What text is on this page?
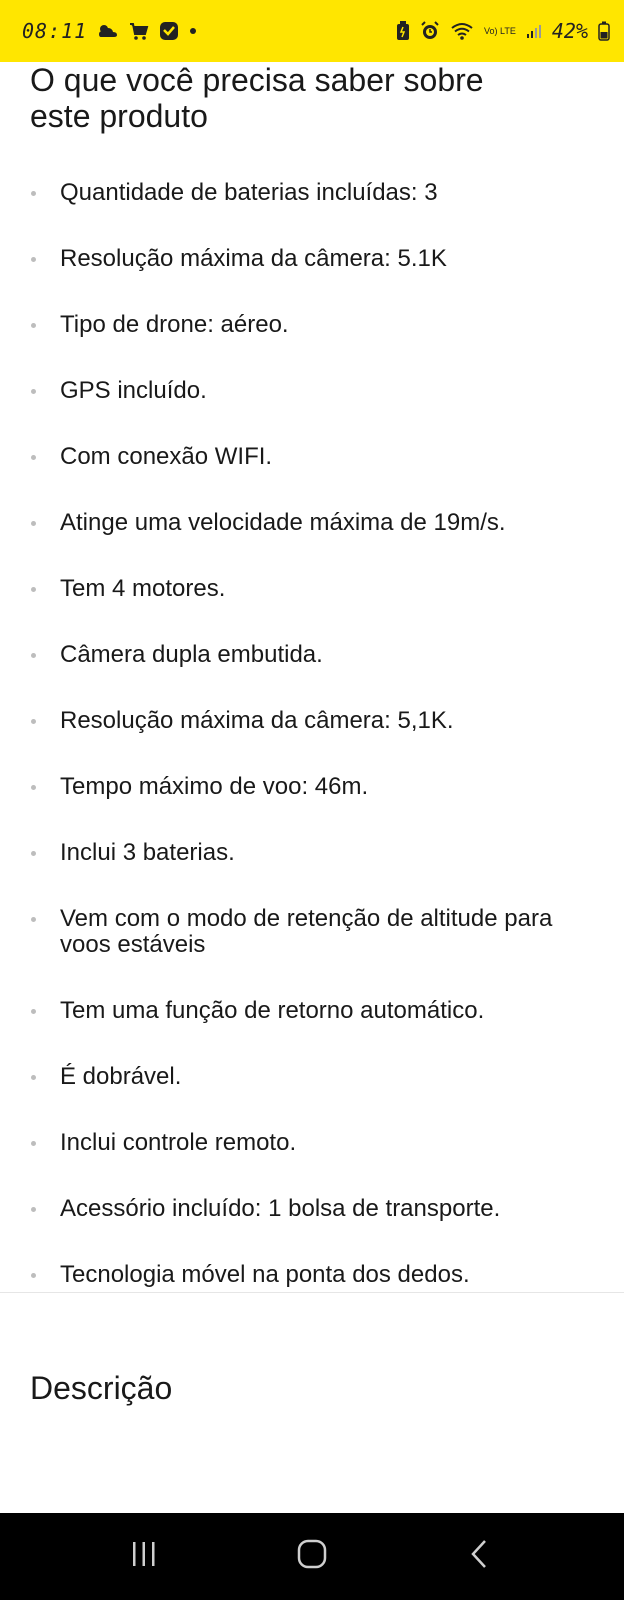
08:11	Vo) LTE 42%
O que você precisa saber sobre este produto
Quantidade de baterias incluídas: 3
Resolução máxima da câmera: 5.1K
Tipo de drone: aéreo.
GPS incluído.
Com conexão WIFI.
Atinge uma velocidade máxima de 19m/s.
Tem 4 motores.
Câmera dupla embutida.
Resolução máxima da câmera: 5,1K.
Tempo máximo de voo: 46m.
Inclui 3 baterias.
Vem com o modo de retenção de altitude para voos estáveis
Tem uma função de retorno automático.
É dobrável.
Inclui controle remoto.
Acessório incluído: 1 bolsa de transporte.
Tecnologia móvel na ponta dos dedos.
Descrição
